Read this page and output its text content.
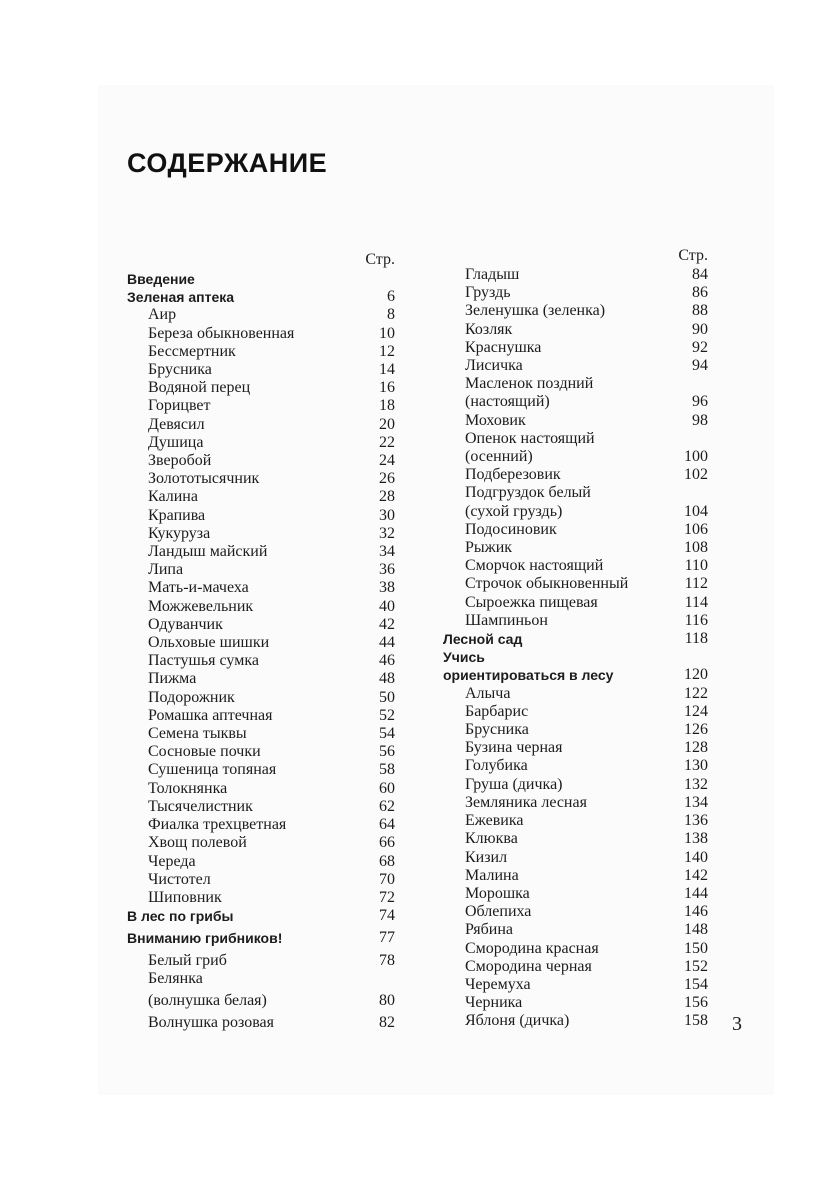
СОДЕРЖАНИЕ
Стр.
Введение
Зеленая аптека	6
Аир	8
Береза обыкновенная	10
Бессмертник	12
Брусника	14
Водяной перец	16
Горицвет	18
Девясил	20
Душица	22
Зверобой	24
Золототысячник	26
Калина	28
Крапива	30
Кукуруза	32
Ландыш майский	34
Липа	36
Мать-и-мачеха	38
Можжевельник	40
Одуванчик	42
Ольховые шишки	44
Пастушья сумка	46
Пижма	48
Подорожник	50
Ромашка аптечная	52
Семена тыквы	54
Сосновые почки	56
Сушеница топяная	58
Толокнянка	60
Тысячелистник	62
Фиалка трехцветная	64
Хвощ полевой	66
Череда	68
Чистотел	70
Шиповник	72
В лес по грибы	74
Вниманию грибников!	77
Белый гриб	78
Белянка
(волнушка белая)	80
Волнушка розовая	82
Стр.
Гладыш	84
Груздь	86
Зеленушка (зеленка)	88
Козляк	90
Краснушка	92
Лисичка	94
Масленок поздний
(настоящий)	96
Моховик	98
Опенок настоящий
(осенний)	100
Подберезовик	102
Подгруздок белый
(сухой груздь)	104
Подосиновик	106
Рыжик	108
Сморчок настоящий	110
Строчок обыкновенный	112
Сыроежка пищевая	114
Шампиньон	116
Лесной сад	118
Учись
ориентироваться в лесу	120
Алыча	122
Барбарис	124
Брусника	126
Бузина черная	128
Голубика	130
Груша (дичка)	132
Земляника лесная	134
Ежевика	136
Клюква	138
Кизил	140
Малина	142
Морошка	144
Облепиха	146
Рябина	148
Смородина красная	150
Смородина черная	152
Черемуха	154
Черника	156
Яблоня (дичка)	158 3
